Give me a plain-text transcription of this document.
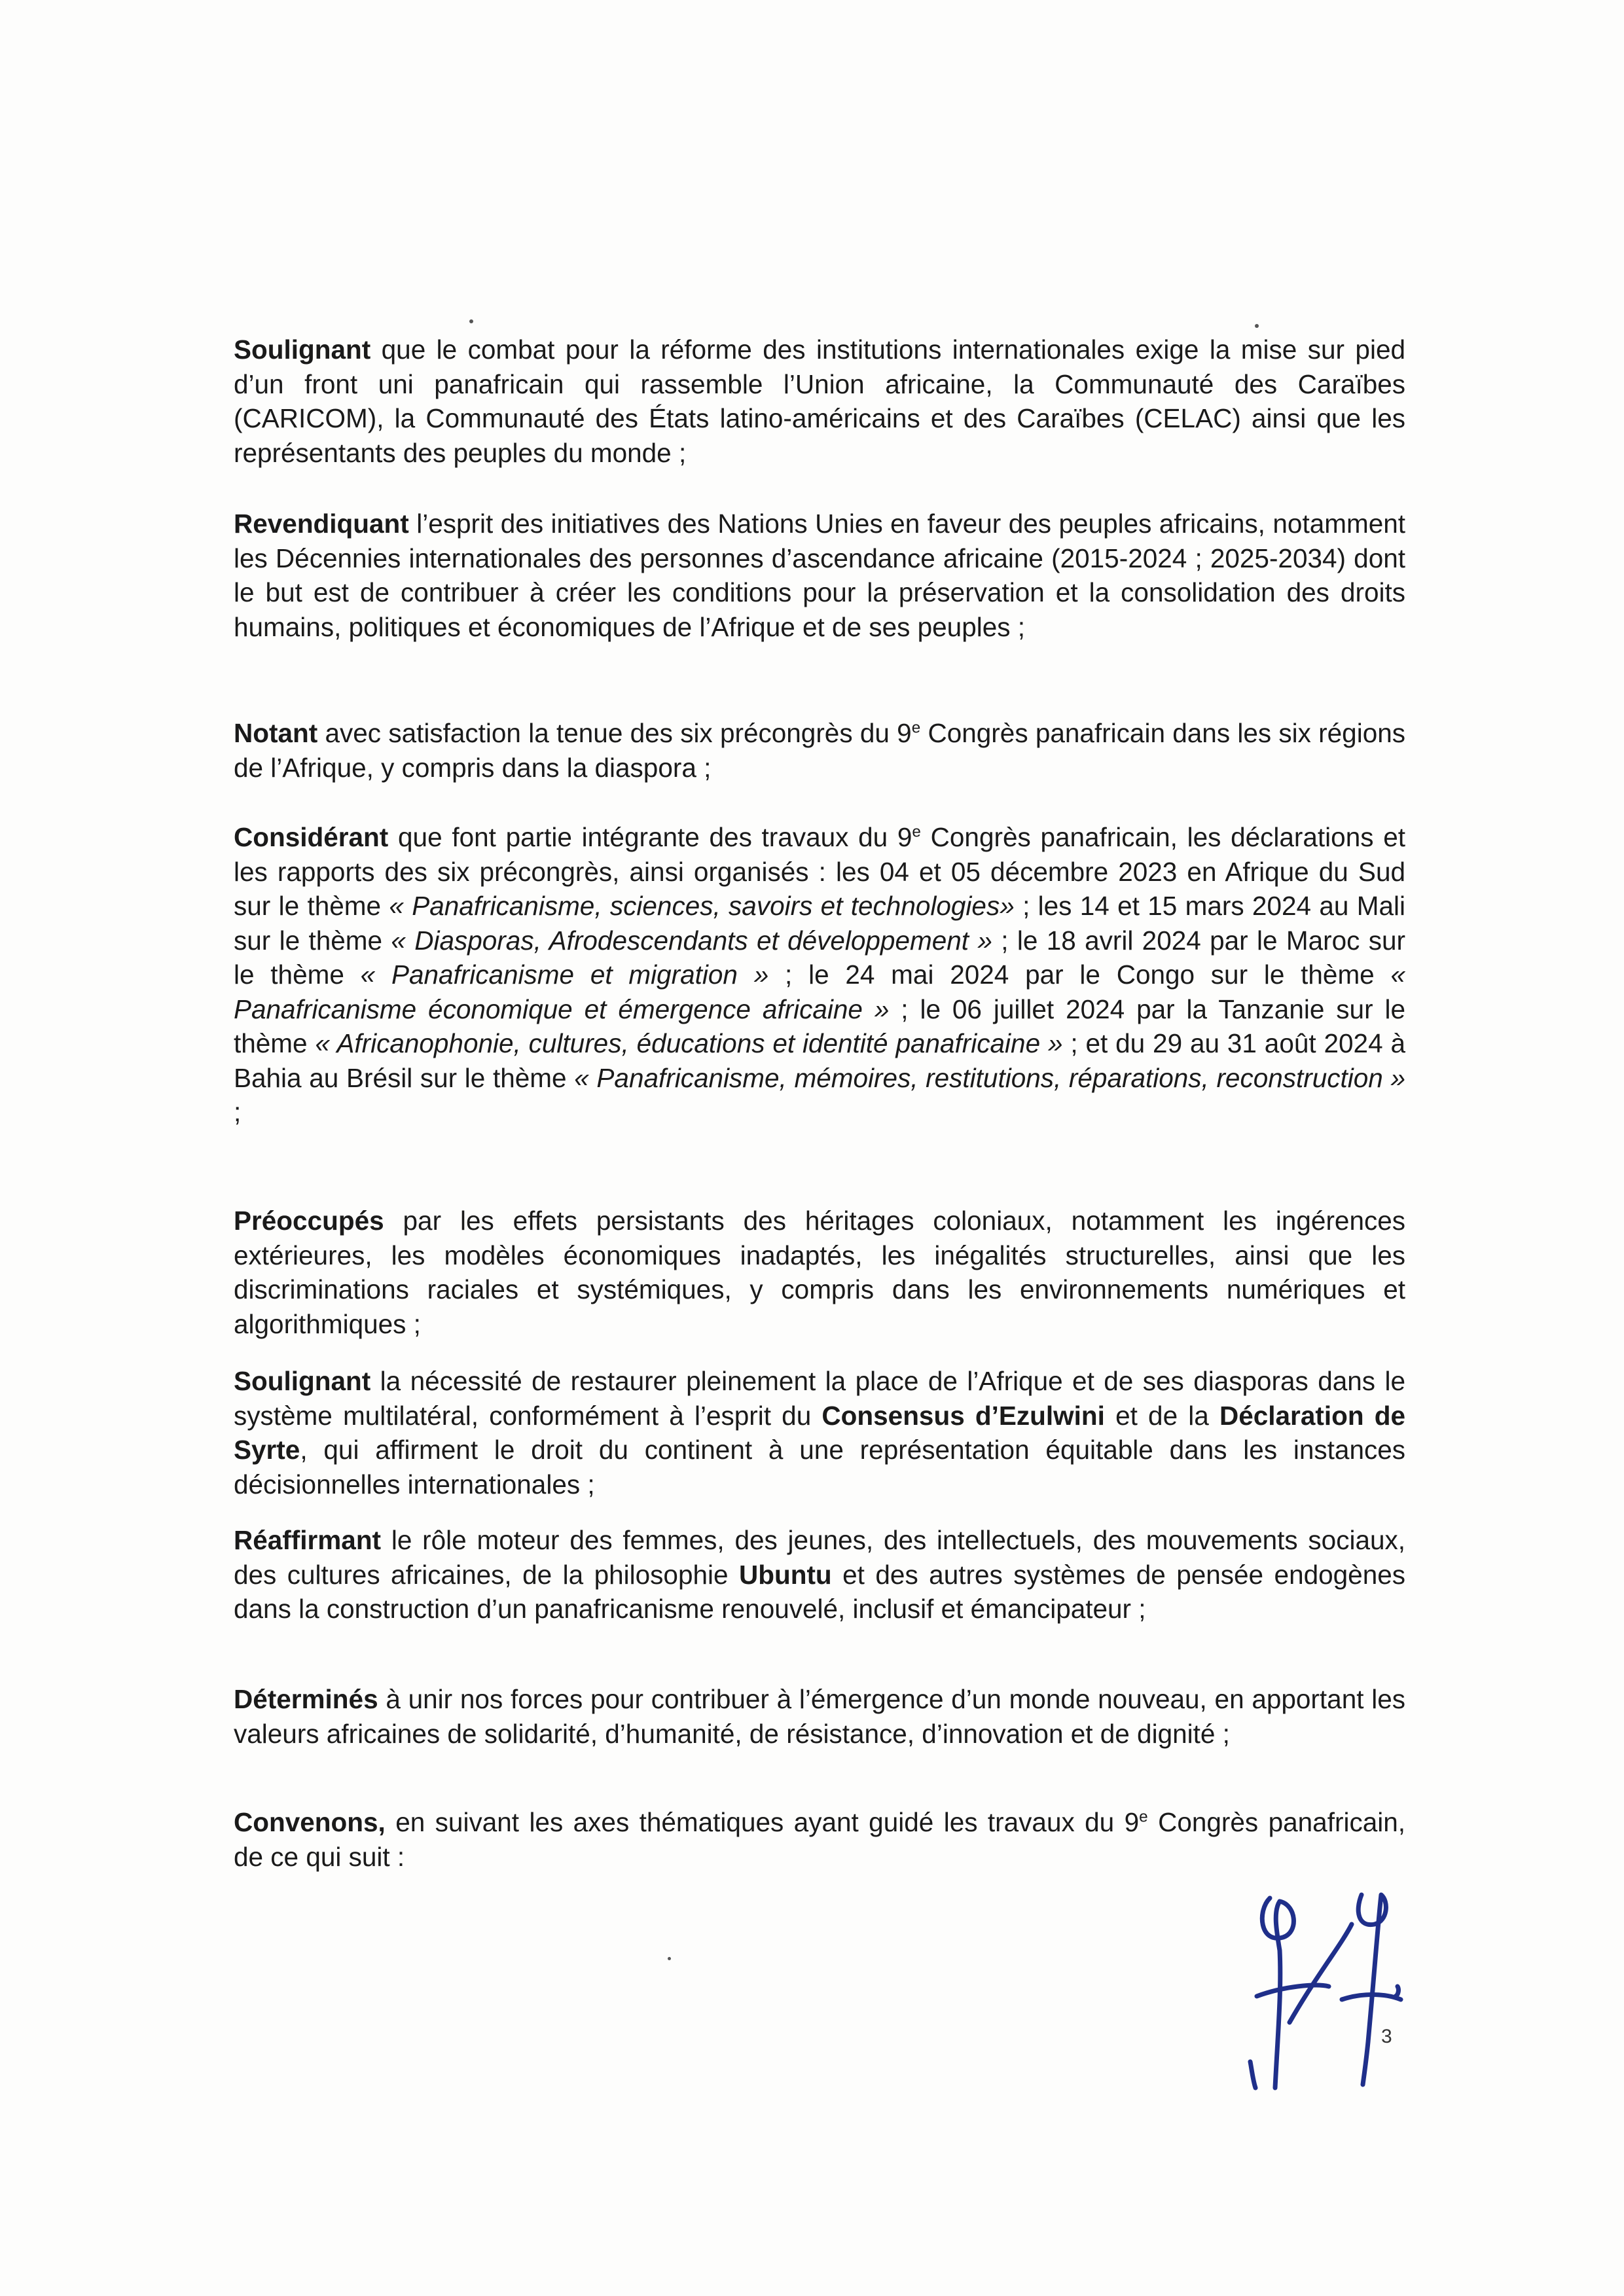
Soulignant que le combat pour la réforme des institutions internationales exige la mise sur pied d’un front uni panafricain qui rassemble l’Union africaine, la Communauté des Caraïbes (CARICOM), la Communauté des États latino-américains et des Caraïbes (CELAC) ainsi que les représentants des peuples du monde ;

Revendiquant l’esprit des initiatives des Nations Unies en faveur des peuples africains, notamment les Décennies internationales des personnes d’ascendance africaine (2015-2024 ; 2025-2034) dont le but est de contribuer à créer les conditions pour la préservation et la consolidation des droits humains, politiques et économiques de l’Afrique et de ses peuples ;

Notant avec satisfaction la tenue des six précongrès du 9e Congrès panafricain dans les six régions de l’Afrique, y compris dans la diaspora ;

Considérant que font partie intégrante des travaux du 9e Congrès panafricain, les déclarations et les rapports des six précongrès, ainsi organisés : les 04 et 05 décembre 2023 en Afrique du Sud sur le thème « Panafricanisme, sciences, savoirs et technologies» ; les 14 et 15 mars 2024 au Mali sur le thème « Diasporas, Afrodescendants et développement » ; le 18 avril 2024 par le Maroc sur le thème « Panafricanisme et migration » ; le 24 mai 2024 par le Congo sur le thème « Panafricanisme économique et émergence africaine » ; le 06 juillet 2024 par la Tanzanie sur le thème « Africanophonie, cultures, éducations et identité panafricaine » ; et du 29 au 31 août 2024 à Bahia au Brésil sur le thème « Panafricanisme, mémoires, restitutions, réparations, reconstruction » ;

Préoccupés par les effets persistants des héritages coloniaux, notamment les ingérences extérieures, les modèles économiques inadaptés, les inégalités structurelles, ainsi que les discriminations raciales et systémiques, y compris dans les environnements numériques et algorithmiques ;

Soulignant la nécessité de restaurer pleinement la place de l’Afrique et de ses diasporas dans le système multilatéral, conformément à l’esprit du Consensus d’Ezulwini et de la Déclaration de Syrte, qui affirment le droit du continent à une représentation équitable dans les instances décisionnelles internationales ;

Réaffirmant le rôle moteur des femmes, des jeunes, des intellectuels, des mouvements sociaux, des cultures africaines, de la philosophie Ubuntu et des autres systèmes de pensée endogènes dans la construction d’un panafricanisme renouvelé, inclusif et émancipateur ;

Déterminés à unir nos forces pour contribuer à l’émergence d’un monde nouveau, en apportant les valeurs africaines de solidarité, d’humanité, de résistance, d’innovation et de dignité ;

Convenons, en suivant les axes thématiques ayant guidé les travaux du 9e Congrès panafricain, de ce qui suit :

3
